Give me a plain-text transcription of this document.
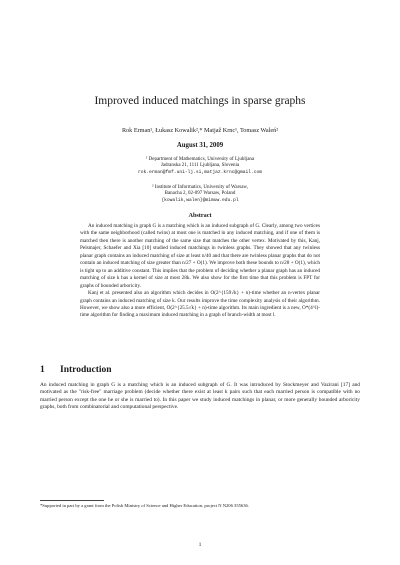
Improved induced matchings in sparse graphs
Rok Erman¹, Łukasz Kowalik²,* Matjaž Krnc¹, Tomasz Waleń²
August 31, 2009
¹ Department of Mathematics, University of Ljubljana
Jadranska 21, 1111 Ljubljana, Slovenia
rok.erman@fmf.uni-lj.si,matjaz.krnc@gmail.com
² Institute of Informatics, University of Warsaw,
Banacha 2, 02-097 Warsaw, Poland
{kowalik,walen}@mimuw.edu.pl
Abstract

An induced matching in graph G is a matching which is an induced subgraph of G. Clearly, among two vertices with the same neighborhood (called twins) at most one is matched in any induced matching, and if one of them is matched then there is another matching of the same size that matches the other vertex. Motivated by this, Kanj, Pelsmajer, Schaefer and Xia [10] studied induced matchings in twinless graphs. They showed that any twinless planar graph contains an induced matching of size at least n/40 and that there are twinless planar graphs that do not contain an induced matching of size greater than n/27 + O(1). We improve both these bounds to n/28 + O(1), which is tight up to an additive constant. This implies that the problem of deciding whether a planar graph has an induced matching of size k has a kernel of size at most 28k. We also show for the first time that this problem is FPT for graphs of bounded arboricity.

Kanj et al. presented also an algorithm which decides in O(2^{159√k} + n)-time whether an n-vertex planar graph contains an induced matching of size k. Our results improve the time complexity analysis of their algorithm. However, we show also a more efficient, O(2^{25.5√k} + n)-time algorithm. Its main ingredient is a new, O*(4^l)-time algorithm for finding a maximum induced matching in a graph of branch-width at most l.

1 Introduction

An induced matching in graph G is a matching which is an induced subgraph of G. It was introduced by Stockmeyer and Vazirani [17] and motivated as the "risk-free" marriage problem (decide whether there exist at least k pairs such that each married person is compatible with no married person except the one he or she is married to). In this paper we study induced matchings in planar, or more generally bounded arboricity graphs, both from combinatorial and computational perspective.

*Supported in part by a grant from the Polish Ministry of Science and Higher Education, project N N206 355636.
1
